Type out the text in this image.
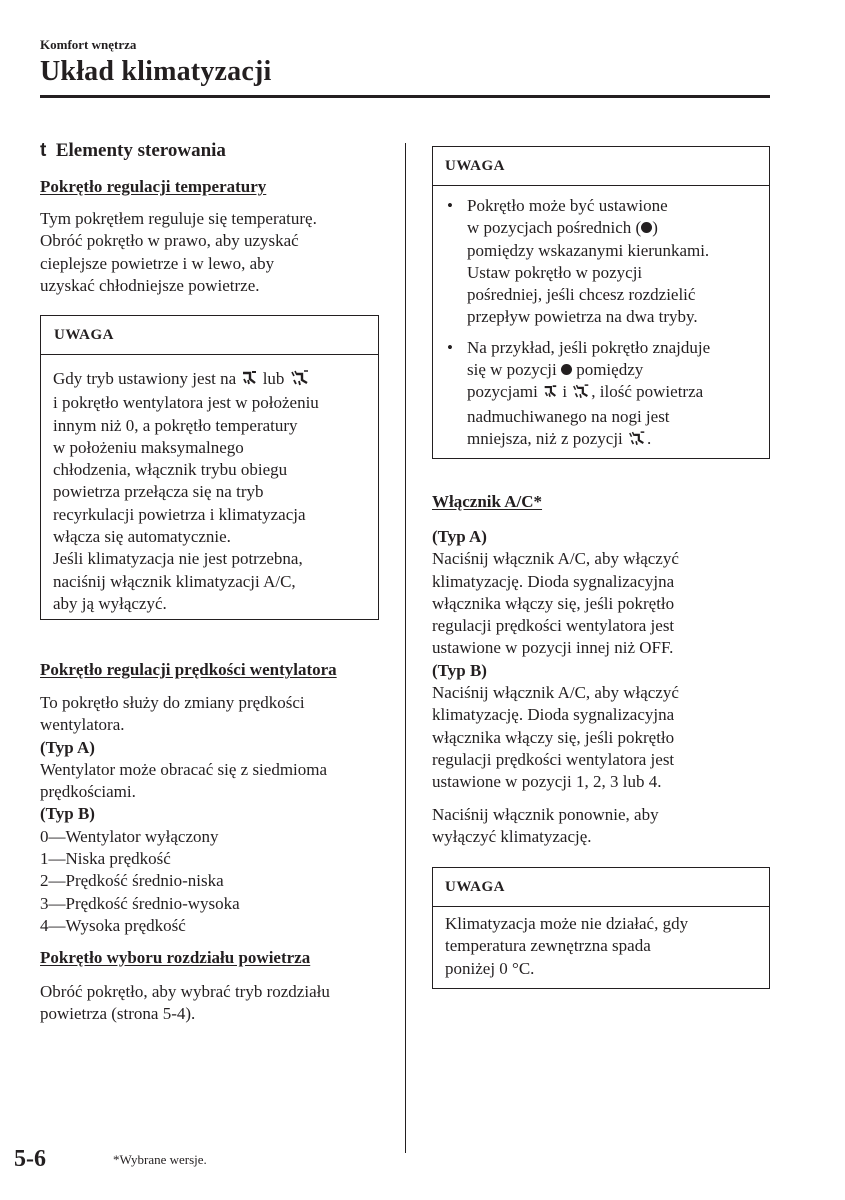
Komfort wnętrza
Układ klimatyzacji
t Elementy sterowania
Pokrętło regulacji temperatury
Tym pokrętłem reguluje się temperaturę.
Obróć pokrętło w prawo, aby uzyskać
cieplejsze powietrze i w lewo, aby
uzyskać chłodniejsze powietrze.
UWAGA
Gdy tryb ustawiony jest na lub
i pokrętło wentylatora jest w położeniu
innym niż 0, a pokrętło temperatury
w położeniu maksymalnego
chłodzenia, włącznik trybu obiegu
powietrza przełącza się na tryb
recyrkulacji powietrza i klimatyzacja
włącza się automatycznie.
Jeśli klimatyzacja nie jest potrzebna,
naciśnij włącznik klimatyzacji A/C,
aby ją wyłączyć.
Pokrętło regulacji prędkości wentylatora
To pokrętło służy do zmiany prędkości
wentylatora.
(Typ A)
Wentylator może obracać się z siedmioma
prędkościami.
(Typ B)
0—Wentylator wyłączony
1—Niska prędkość
2—Prędkość średnio-niska
3—Prędkość średnio-wysoka
4—Wysoka prędkość
Pokrętło wyboru rozdziału powietrza
Obróć pokrętło, aby wybrać tryb rozdziału
powietrza (strona 5-4).
UWAGA
• Pokrętło może być ustawione
w pozycjach pośrednich ( )
pomiędzy wskazanymi kierunkami.
Ustaw pokrętło w pozycji
pośredniej, jeśli chcesz rozdzielić
przepływ powietrza na dwa tryby.
• Na przykład, jeśli pokrętło znajduje
się w pozycji pomiędzy
pozycjami i , ilość powietrza
nadmuchiwanego na nogi jest
mniejsza, niż z pozycji .
Włącznik A/C*
(Typ A)
Naciśnij włącznik A/C, aby włączyć
klimatyzację. Dioda sygnalizacyjna
włącznika włączy się, jeśli pokrętło
regulacji prędkości wentylatora jest
ustawione w pozycji innej niż OFF.
(Typ B)
Naciśnij włącznik A/C, aby włączyć
klimatyzację. Dioda sygnalizacyjna
włącznika włączy się, jeśli pokrętło
regulacji prędkości wentylatora jest
ustawione w pozycji 1, 2, 3 lub 4.
Naciśnij włącznik ponownie, aby
wyłączyć klimatyzację.
UWAGA
Klimatyzacja może nie działać, gdy
temperatura zewnętrzna spada
poniżej 0 °C.
5-6	*Wybrane wersje.
